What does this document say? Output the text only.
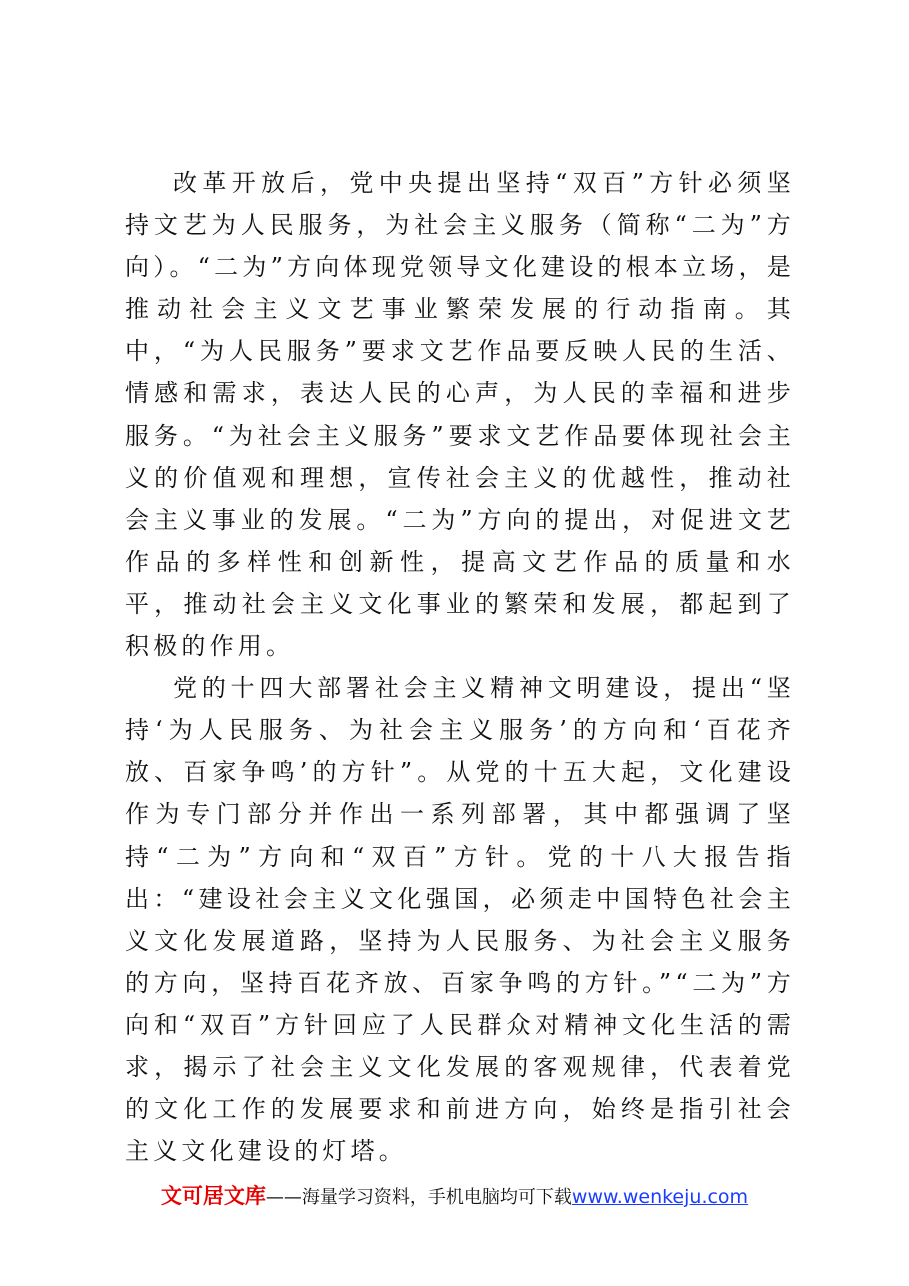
改革开放后，党中央提出坚持“双百”方针必须坚持文艺为人民服务，为社会主义服务（简称“二为”方向）。“二为”方向体现党领导文化建设的根本立场，是推动社会主义文艺事业繁荣发展的行动指南。其中，“为人民服务”要求文艺作品要反映人民的生活、情感和需求，表达人民的心声，为人民的幸福和进步服务。“为社会主义服务”要求文艺作品要体现社会主义的价值观和理想，宣传社会主义的优越性，推动社会主义事业的发展。“二为”方向的提出，对促进文艺作品的多样性和创新性，提高文艺作品的质量和水平，推动社会主义文化事业的繁荣和发展，都起到了积极的作用。

党的十四大部署社会主义精神文明建设，提出“坚持‘为人民服务、为社会主义服务’的方向和‘百花齐放、百家争鸣’的方针”。从党的十五大起，文化建设作为专门部分并作出一系列部署，其中都强调了坚持“二为”方向和“双百”方针。党的十八大报告指出：“建设社会主义文化强国，必须走中国特色社会主义文化发展道路，坚持为人民服务、为社会主义服务的方向，坚持百花齐放、百家争鸣的方针。”“二为”方向和“双百”方针回应了人民群众对精神文化生活的需求，揭示了社会主义文化发展的客观规律，代表着党的文化工作的发展要求和前进方向，始终是指引社会主义文化建设的灯塔。

文可居文库——海量学习资料，手机电脑均可下载www.wenkeju.com
